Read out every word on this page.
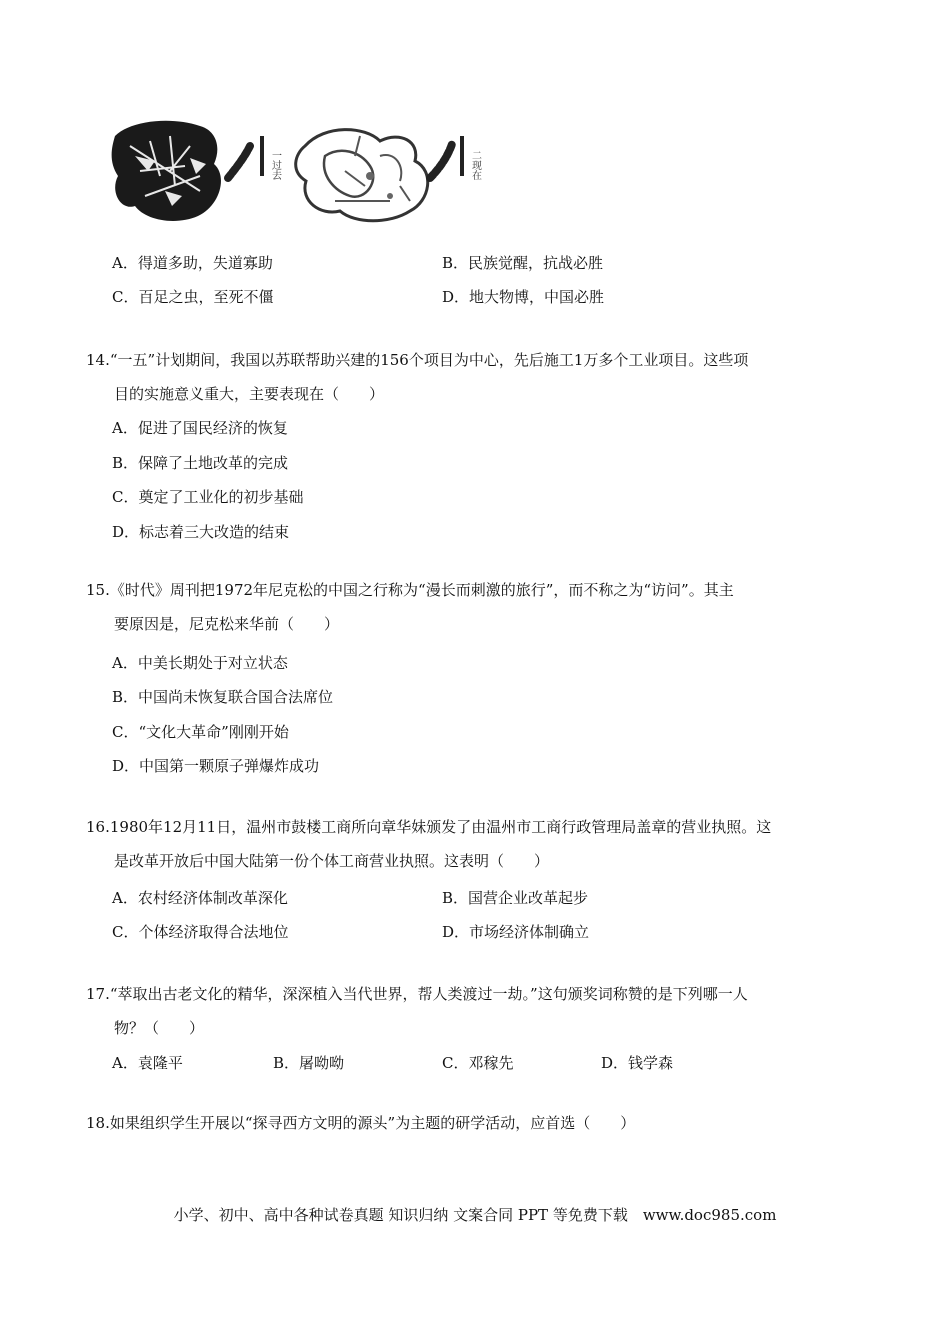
一过去	二现在
A．得道多助，失道寡助	B．民族觉醒，抗战必胜
C．百足之虫，至死不僵	D．地大物博，中国必胜
14.“一五”计划期间，我国以苏联帮助兴建的156个项目为中心，先后施工1万多个工业项目。这些项
目的实施意义重大，主要表现在（　　）
A．促进了国民经济的恢复
B．保障了土地改革的完成
C．奠定了工业化的初步基础
D．标志着三大改造的结束
15.《时代》周刊把1972年尼克松的中国之行称为“漫长而刺激的旅行”，而不称之为“访问”。其主
要原因是，尼克松来华前（　　）
A．中美长期处于对立状态
B．中国尚未恢复联合国合法席位
C．“文化大革命”刚刚开始
D．中国第一颗原子弹爆炸成功
16.1980年12月11日，温州市鼓楼工商所向章华妹颁发了由温州市工商行政管理局盖章的营业执照。这
是改革开放后中国大陆第一份个体工商营业执照。这表明（　　）
A．农村经济体制改革深化	B．国营企业改革起步
C．个体经济取得合法地位	D．市场经济体制确立
17.“萃取出古老文化的精华，深深植入当代世界，帮人类渡过一劫。”这句颁奖词称赞的是下列哪一人
物？（　　）
A．袁隆平	B．屠呦呦	C．邓稼先	D．钱学森
18.如果组织学生开展以“探寻西方文明的源头”为主题的研学活动，应首选（　　）
小学、初中、高中各种试卷真题 知识归纳 文案合同 PPT 等免费下载　www.doc985.com
